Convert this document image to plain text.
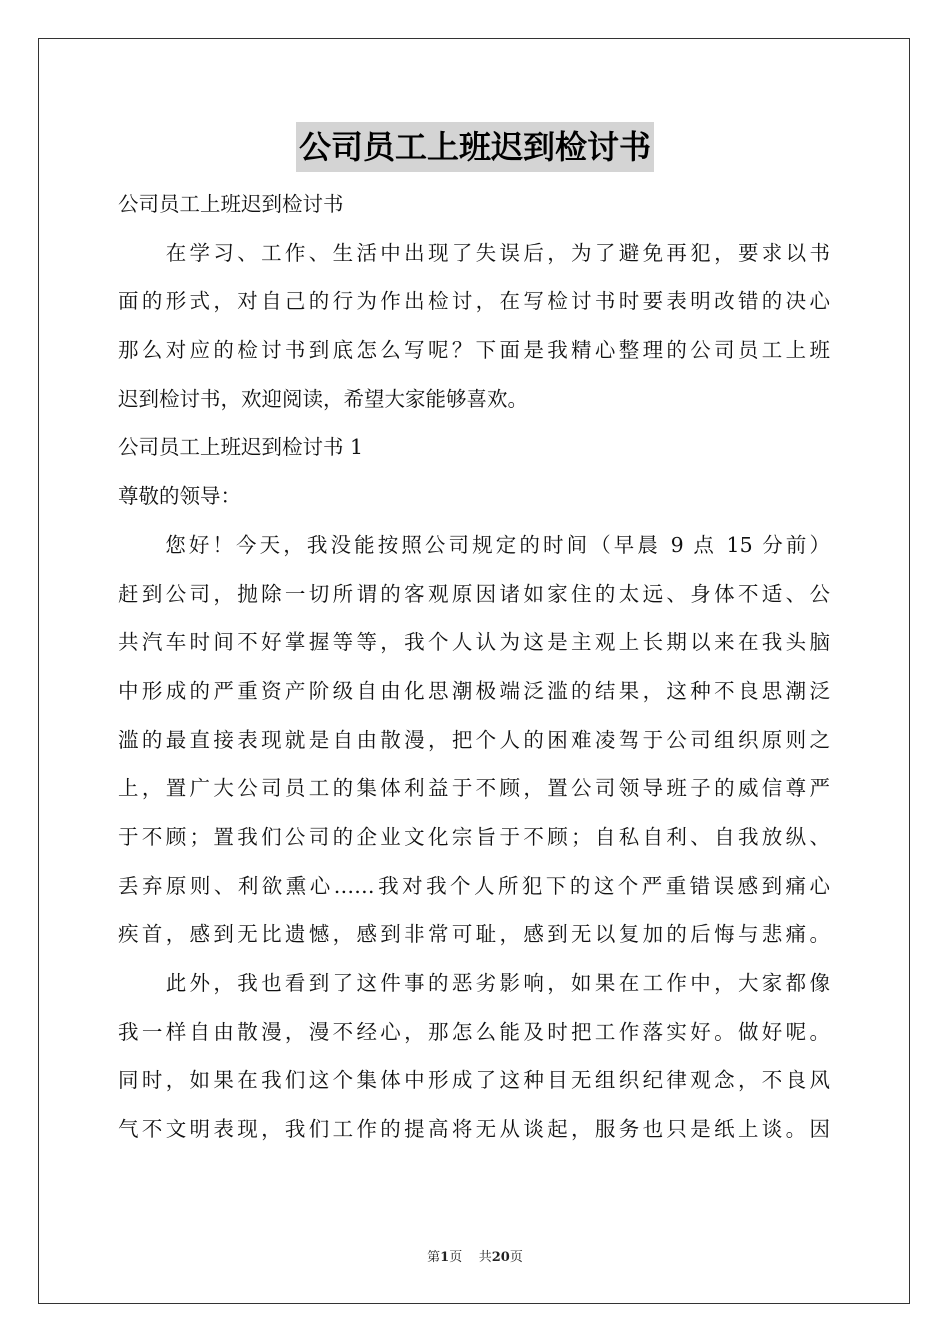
公司员工上班迟到检讨书
公司员工上班迟到检讨书
　　在学习、工作、生活中出现了失误后，为了避免再犯，要求以书
面的形式，对自己的行为作出检讨，在写检讨书时要表明改错的决心
那么对应的检讨书到底怎么写呢？下面是我精心整理的公司员工上班
迟到检讨书，欢迎阅读，希望大家能够喜欢。
公司员工上班迟到检讨书 1
尊敬的领导：
　　您好！今天，我没能按照公司规定的时间（早晨 9 点 15 分前）
赶到公司，抛除一切所谓的客观原因诸如家住的太远、身体不适、公
共汽车时间不好掌握等等，我个人认为这是主观上长期以来在我头脑
中形成的严重资产阶级自由化思潮极端泛滥的结果，这种不良思潮泛
滥的最直接表现就是自由散漫，把个人的困难凌驾于公司组织原则之
上，置广大公司员工的集体利益于不顾，置公司领导班子的威信尊严
于不顾；置我们公司的企业文化宗旨于不顾；自私自利、自我放纵、
丢弃原则、利欲熏心……我对我个人所犯下的这个严重错误感到痛心
疾首，感到无比遗憾，感到非常可耻，感到无以复加的后悔与悲痛。
　　此外，我也看到了这件事的恶劣影响，如果在工作中，大家都像
我一样自由散漫，漫不经心，那怎么能及时把工作落实好。做好呢。
同时，如果在我们这个集体中形成了这种目无组织纪律观念，不良风
气不文明表现，我们工作的提高将无从谈起，服务也只是纸上谈。因
第1页 共20页
